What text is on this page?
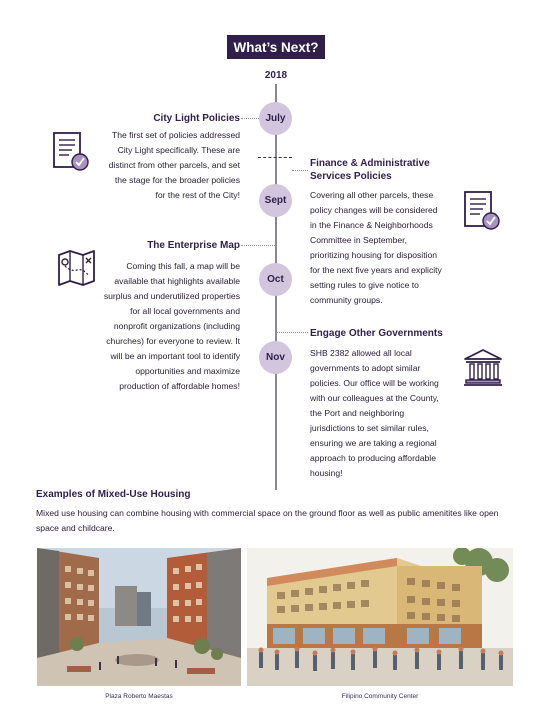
What’s Next?
2018
July
Sept
Oct
Nov
City Light Policies
The first set of policies addressed
City Light specifically. These are
distinct from other parcels, and set
the stage for the broader policies
for the rest of the City!
Finance & Administrative
Services Policies
Covering all other parcels, these
policy changes will be considered
in the Finance & Neighborhoods
Committee in September,
prioritizing housing for disposition
for the next five years and explicity
setting rules to give notice to
community groups.
The Enterprise Map
Coming this fall, a map will be
available that highlights available
surplus and underutilized properties
for all local governments and
nonprofit organizations (including
churches) for everyone to review. It
will be an important tool to identify
opportunities and maximize
production of affordable homes!
Engage Other Governments
SHB 2382 allowed all local
governments to adopt similar
policies. Our office will be working
with our colleagues at the County,
the Port and neighboring
jurisdictions to set similar rules,
ensuring we are taking a regional
approach to producing affordable
housing!
Examples of Mixed-Use Housing
Mixed use housing can combine housing with commercial space on the ground floor as well as public amenitites like open space and childcare.
Plaza Roberto Maestas	Filipino Community Center
